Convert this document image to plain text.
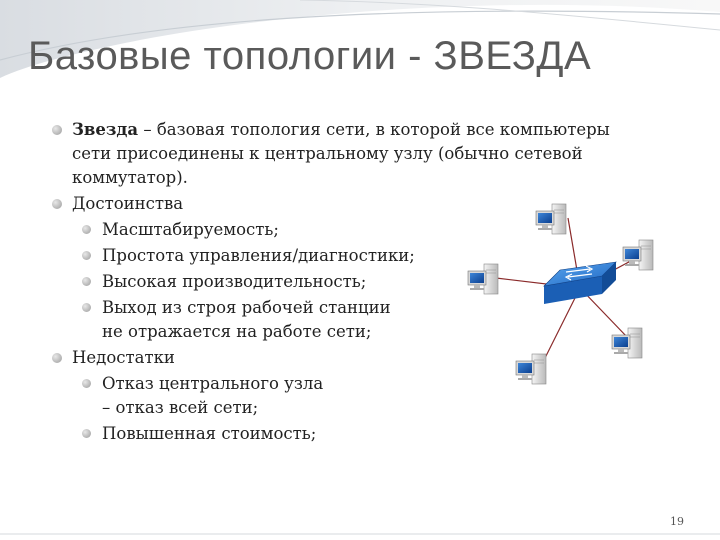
Базовые топологии - ЗВЕЗДА
Звезда – базовая топология сети, в которой все компьютеры
сети присоединены к центральному узлу (обычно сетевой
коммутатор).
Достоинства
Масштабируемость;
Простота управления/диагностики;
Высокая производительность;
Выход из строя рабочей станции
не отражается на работе сети;
Недостатки
Отказ центрального узла
– отказ всей сети;
Повышенная стоимость;
19
